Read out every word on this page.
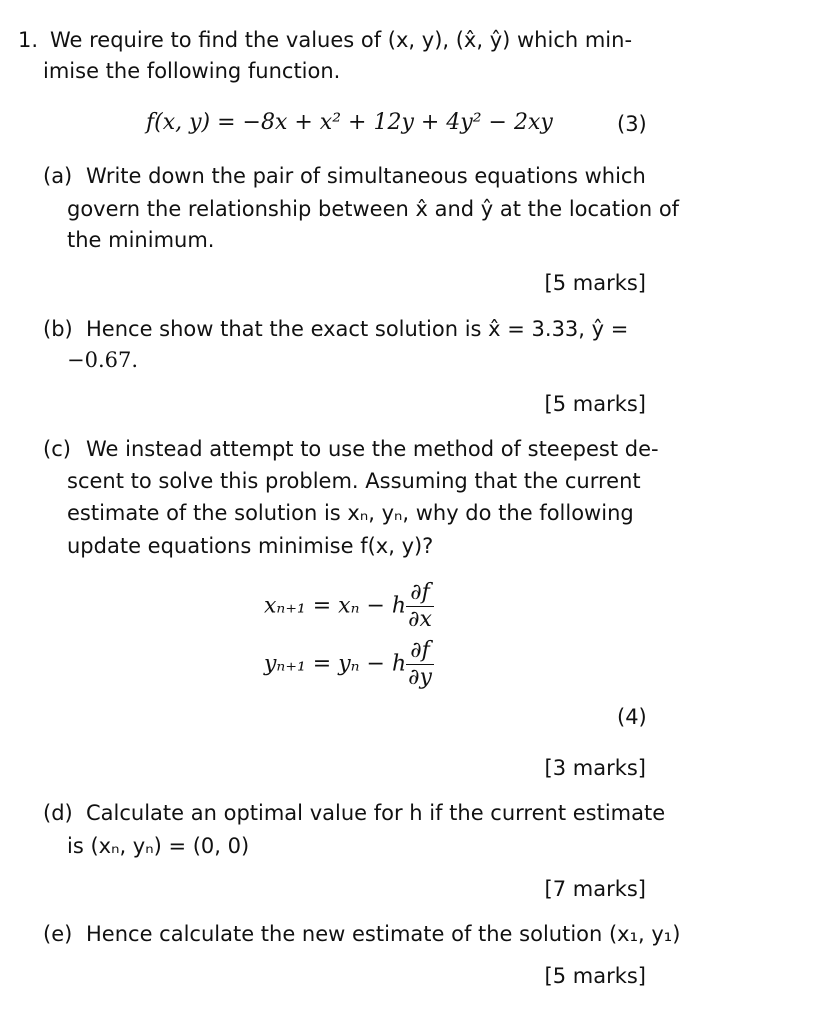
1. We require to find the values of (x, y), (x̂, ŷ) which min-
imise the following function.
f(x, y) = −8x + x² + 12y + 4y² − 2xy	(3)
(a) Write down the pair of simultaneous equations which
govern the relationship between x̂ and ŷ at the location of
the minimum.
[5 marks]
(b) Hence show that the exact solution is x̂ = 3.33, ŷ =
−0.67.
[5 marks]
(c) We instead attempt to use the method of steepest de-
scent to solve this problem. Assuming that the current
estimate of the solution is xₙ, yₙ, why do the following
update equations minimise f(x, y)?
xₙ₊₁ = xₙ − h $\frac{\partial f}{\partial x}$
yₙ₊₁ = yₙ − h $\frac{\partial f}{\partial y}$
(4)
[3 marks]
(d) Calculate an optimal value for h if the current estimate
is (xₙ, yₙ) = (0, 0)
[7 marks]
(e) Hence calculate the new estimate of the solution (x₁, y₁)
[5 marks]
